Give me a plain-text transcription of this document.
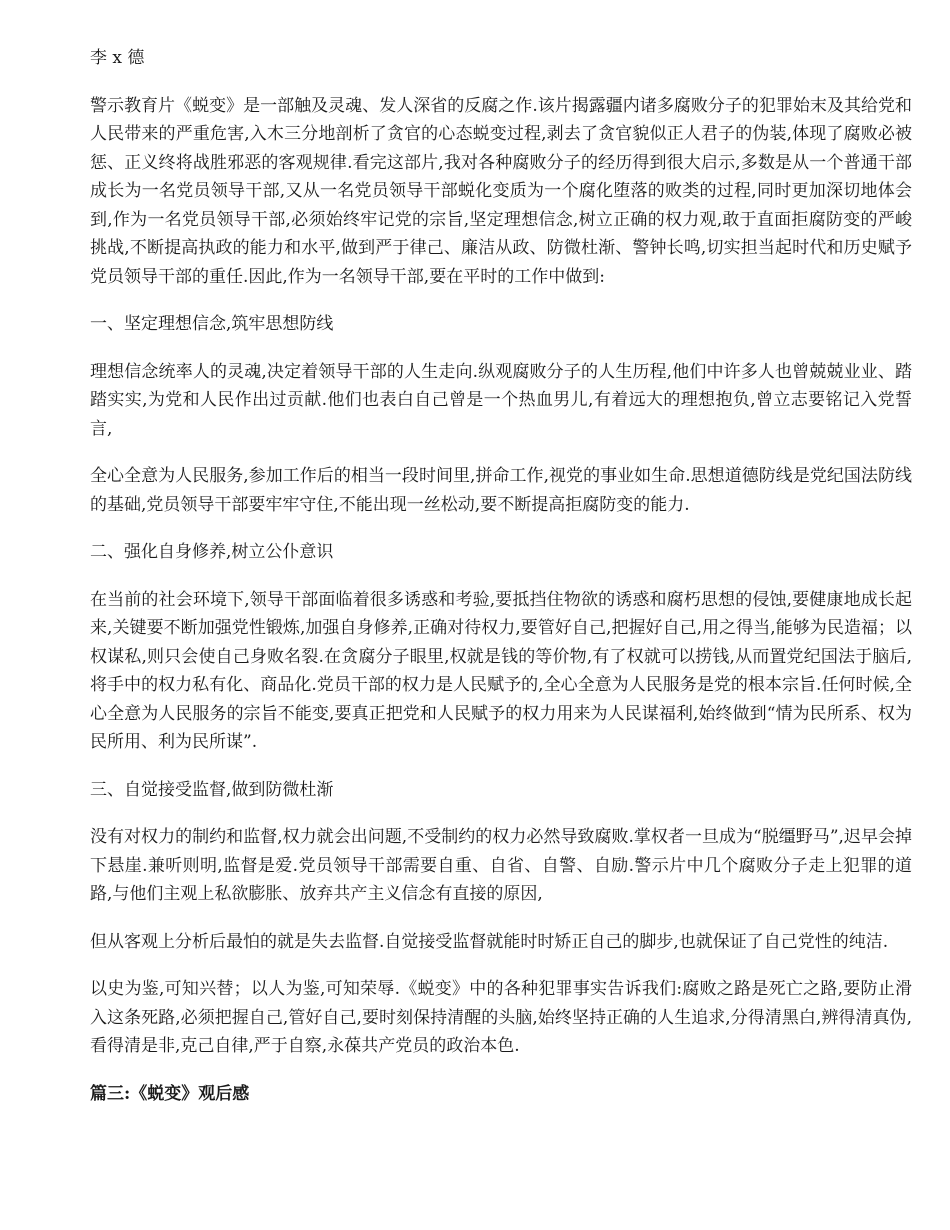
李 x 德

警示教育片《蜕变》是一部触及灵魂、发人深省的反腐之作.该片揭露疆内诸多腐败分子的犯罪始末及其给党和人民带来的严重危害,入木三分地剖析了贪官的心态蜕变过程,剥去了贪官貌似正人君子的伪装,体现了腐败必被惩、正义终将战胜邪恶的客观规律.看完这部片,我对各种腐败分子的经历得到很大启示,多数是从一个普通干部成长为一名党员领导干部,又从一名党员领导干部蜕化变质为一个腐化堕落的败类的过程,同时更加深切地体会到,作为一名党员领导干部,必须始终牢记党的宗旨,坚定理想信念,树立正确的权力观,敢于直面拒腐防变的严峻挑战,不断提高执政的能力和水平,做到严于律己、廉洁从政、防微杜渐、警钟长鸣,切实担当起时代和历史赋予党员领导干部的重任.因此,作为一名领导干部,要在平时的工作中做到:

一、坚定理想信念,筑牢思想防线

理想信念统率人的灵魂,决定着领导干部的人生走向.纵观腐败分子的人生历程,他们中许多人也曾兢兢业业、踏踏实实,为党和人民作出过贡献.他们也表白自己曾是一个热血男儿,有着远大的理想抱负,曾立志要铭记入党誓言,

全心全意为人民服务,参加工作后的相当一段时间里,拼命工作,视党的事业如生命.思想道德防线是党纪国法防线的基础,党员领导干部要牢牢守住,不能出现一丝松动,要不断提高拒腐防变的能力.

二、强化自身修养,树立公仆意识

在当前的社会环境下,领导干部面临着很多诱惑和考验,要抵挡住物欲的诱惑和腐朽思想的侵蚀,要健康地成长起来,关键要不断加强党性锻炼,加强自身修养,正确对待权力,要管好自己,把握好自己,用之得当,能够为民造福；以权谋私,则只会使自己身败名裂.在贪腐分子眼里,权就是钱的等价物,有了权就可以捞钱,从而置党纪国法于脑后,将手中的权力私有化、商品化.党员干部的权力是人民赋予的,全心全意为人民服务是党的根本宗旨.任何时候,全心全意为人民服务的宗旨不能变,要真正把党和人民赋予的权力用来为人民谋福利,始终做到“情为民所系、权为民所用、利为民所谋”.

三、自觉接受监督,做到防微杜渐

没有对权力的制约和监督,权力就会出问题,不受制约的权力必然导致腐败.掌权者一旦成为“脱缰野马”,迟早会掉下悬崖.兼听则明,监督是爱.党员领导干部需要自重、自省、自警、自励.警示片中几个腐败分子走上犯罪的道路,与他们主观上私欲膨胀、放弃共产主义信念有直接的原因,

但从客观上分析后最怕的就是失去监督.自觉接受监督就能时时矫正自己的脚步,也就保证了自己党性的纯洁.

以史为鉴,可知兴替；以人为鉴,可知荣辱.《蜕变》中的各种犯罪事实告诉我们:腐败之路是死亡之路,要防止滑入这条死路,必须把握自己,管好自己,要时刻保持清醒的头脑,始终坚持正确的人生追求,分得清黑白,辨得清真伪,看得清是非,克己自律,严于自察,永葆共产党员的政治本色.

篇三:《蜕变》观后感
